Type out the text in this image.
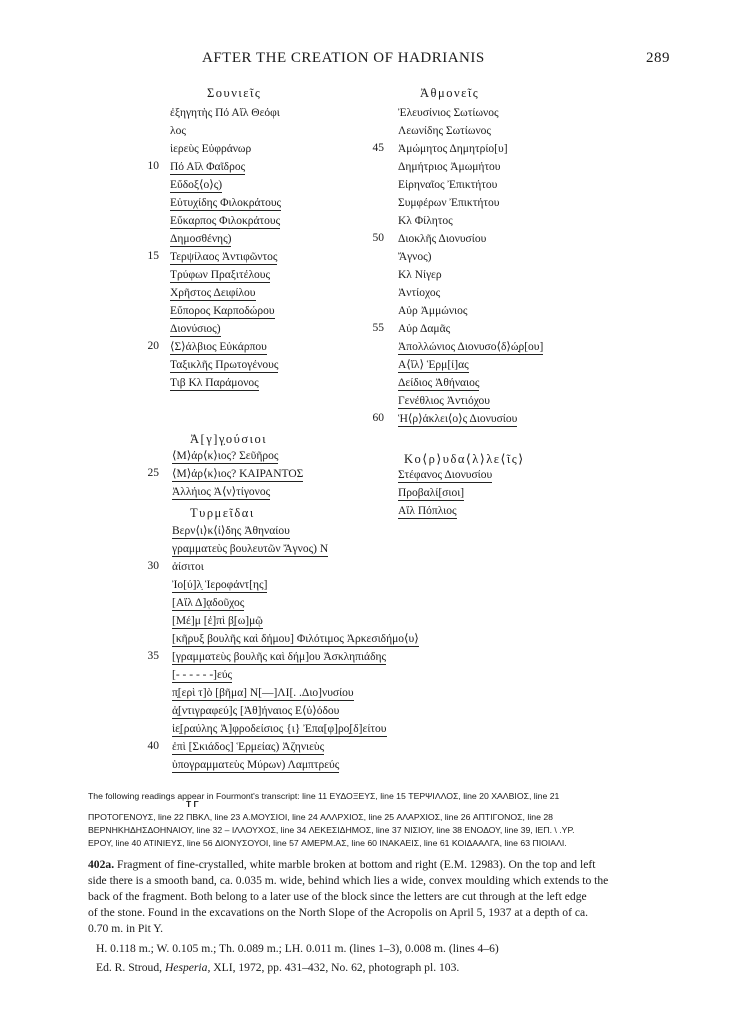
AFTER THE CREATION OF HADRIANIS	289
Σουνιεῖς
ἐξηγητὴς Πό Αἴλ Θεόφι
λος
ἱερεὺς Εὐφράνωρ
10 Πό Αἴλ Φαῖδρος
Εὔδοξ⟨ο⟩ς)
Εὐτυχίδης Φιλοκράτους
Εὔκαρπος Φιλοκράτους
Δημοσθένης)
15 Τερψίλαος Ἀντιφῶντος
Τρύφων Πραξιτέλους
Χρῆστος Δειφίλου
Εὔπορος Καρποδώρου
Διονύσιος)
20 ⟨Σ⟩άλβιος Εὐκάρπου
Ταξικλῆς Πρωτογένους
Τιβ Κλ Παράμονος
Ἀθμονεῖς
Ἐλευσίνιος Σωτίωνος
Λεωνίδης Σωτίωνος
45 Ἀμώμητος Δημητρίο[υ]
Δημήτριος Ἀμωμήτου
Εἰρηναῖος Ἐπικτήτου
Συμφέρων Ἐπικτήτου
Κλ Φίλητος
50 Διοκλῆς Διονυσίου
Ἄγνος)
Κλ Νίγερ
Ἀντίοχος
Αὐρ Ἀμμώνιος
55 Αὐρ Δαμᾶς
Ἀπολλώνιος Διονυσο⟨δ⟩ώ̣ρ[ου]
Α⟨ἴλ⟩ Ἑρμ[ί]ας
Δείδιος Ἀθήναιος
Γενέθλιος Ἀντιόχου
60 Ἡ⟨ρ⟩άκλει⟨ο⟩ς Διονυσίου
Ἀ[γ]γ̣ούσιοι
⟨Μ⟩άρ⟨κ⟩ιος? Σεῦῆρος
25 ⟨Μ⟩άρ⟨κ⟩ιος? ΚΑΙΡΑΝΤΟΣ
Ἀλλήιος Ἀ⟨ν⟩τίγονος
Κο⟨ρ⟩υδα⟨λ⟩λε⟨ῖς⟩
Στέφανος Διονυσίου
Προβαλί[σιοι]
Αἴλ Πόπλιος
Τυρμεῖδαι
Βερν⟨ι⟩κ⟨ί⟩δης Ἀθηναίου
γραμματεὺς βουλευτῶν Ἄγνος) Ν
30 ἀίσιτοι
Ἰο[ύ]λ̣ Ἱεροφάντ[ης]
[Αἴλ Δ]ᾳδοῦχος
[Μέ]μ [ἐ]πὶ β̣[ω]μῷ
[κῆρυξ βουλῆς καὶ δήμου] Φιλότιμος Ἀρκεσιδήμο⟨υ⟩
35 [γραμματεὺς βουλῆς καὶ δήμ]ου Ἀσκληπιάδης
[- - - - - -]εύς
π̣[ερὶ τ]ὸ [βῆμα] Ν[—]ΛΙ[. .Διο]νυσίου
ἀ̣[ντιγραφεύ]ς [Ἀθ]ήναιος Ε⟨ὐ⟩όδου
ἰε̣[ραύλης Ἀ]φροδείσιος {ι} Ἐπα[φ]ρο̣[δ]είτου
40 ἐπὶ [Σκιάδος] Ἑρμείας) Ἀζηνιεὺς
ὑπογραμματεὺς Μύρων) Λαμπτρεύς
The following readings appear in Fourmont's transcript: line 11 ΕΥΔΟΞΕΥΣ, line 15 ΤΕΡΨΙΛΛΟΣ, line 20 ΧΑΛΒΙΟΣ, line 21
Τ Γ
ΠΡΟΤΟΓΕΝΟΥΣ, line 22 ΠΒΚΛ, line 23 Α.ΜΟΥΣΙΟΙ, line 24 ΑΛΛΡΧΙΟΣ, line 25 ΑΛΑΡΧΙΟΣ, line 26 ΑΠΤΙΓΟΝΟΣ, line 28
ΒΕΡΝΗΚΗΔΗΣΔΟΗΝΑΙΟΥ, line 32 – ΙΛΛΟΥΧΟΣ, line 34 ΛΕΚΕΣΙΔΗΜΟΣ, line 37 ΝΙΣΙΟΥ, line 38 ΕΝΟΔΟΥ, line 39, ΙΕΠ. \ .ΥΡ.
ΕΡΟΥ, line 40 ΑΤΙΝΙΕΥΣ, line 56 ΔΙΟΝΥΣΟΥΟΙ, line 57 ΑΜΕΡΜ.ΑΣ, line 60 ΙΝΑΚΑΕΙΣ, line 61 ΚΟΙΔΑΑΛΓΑ, line 63 ΠΙΟΙΑΛΙ.
402a. Fragment of fine-crystalled, white marble broken at bottom and right (E.M. 12983). On the top and left
side there is a smooth band, ca. 0.035 m. wide, behind which lies a wide, convex moulding which extends to the
back of the fragment. Both belong to a later use of the block since the letters are cut through at the left edge
of the stone. Found in the excavations on the North Slope of the Acropolis on April 5, 1937 at a depth of ca.
0.70 m. in Pit Y.
H. 0.118 m.; W. 0.105 m.; Th. 0.089 m.; LH. 0.011 m. (lines 1–3), 0.008 m. (lines 4–6)
Ed. R. Stroud, Hesperia, XLI, 1972, pp. 431–432, No. 62, photograph pl. 103.
